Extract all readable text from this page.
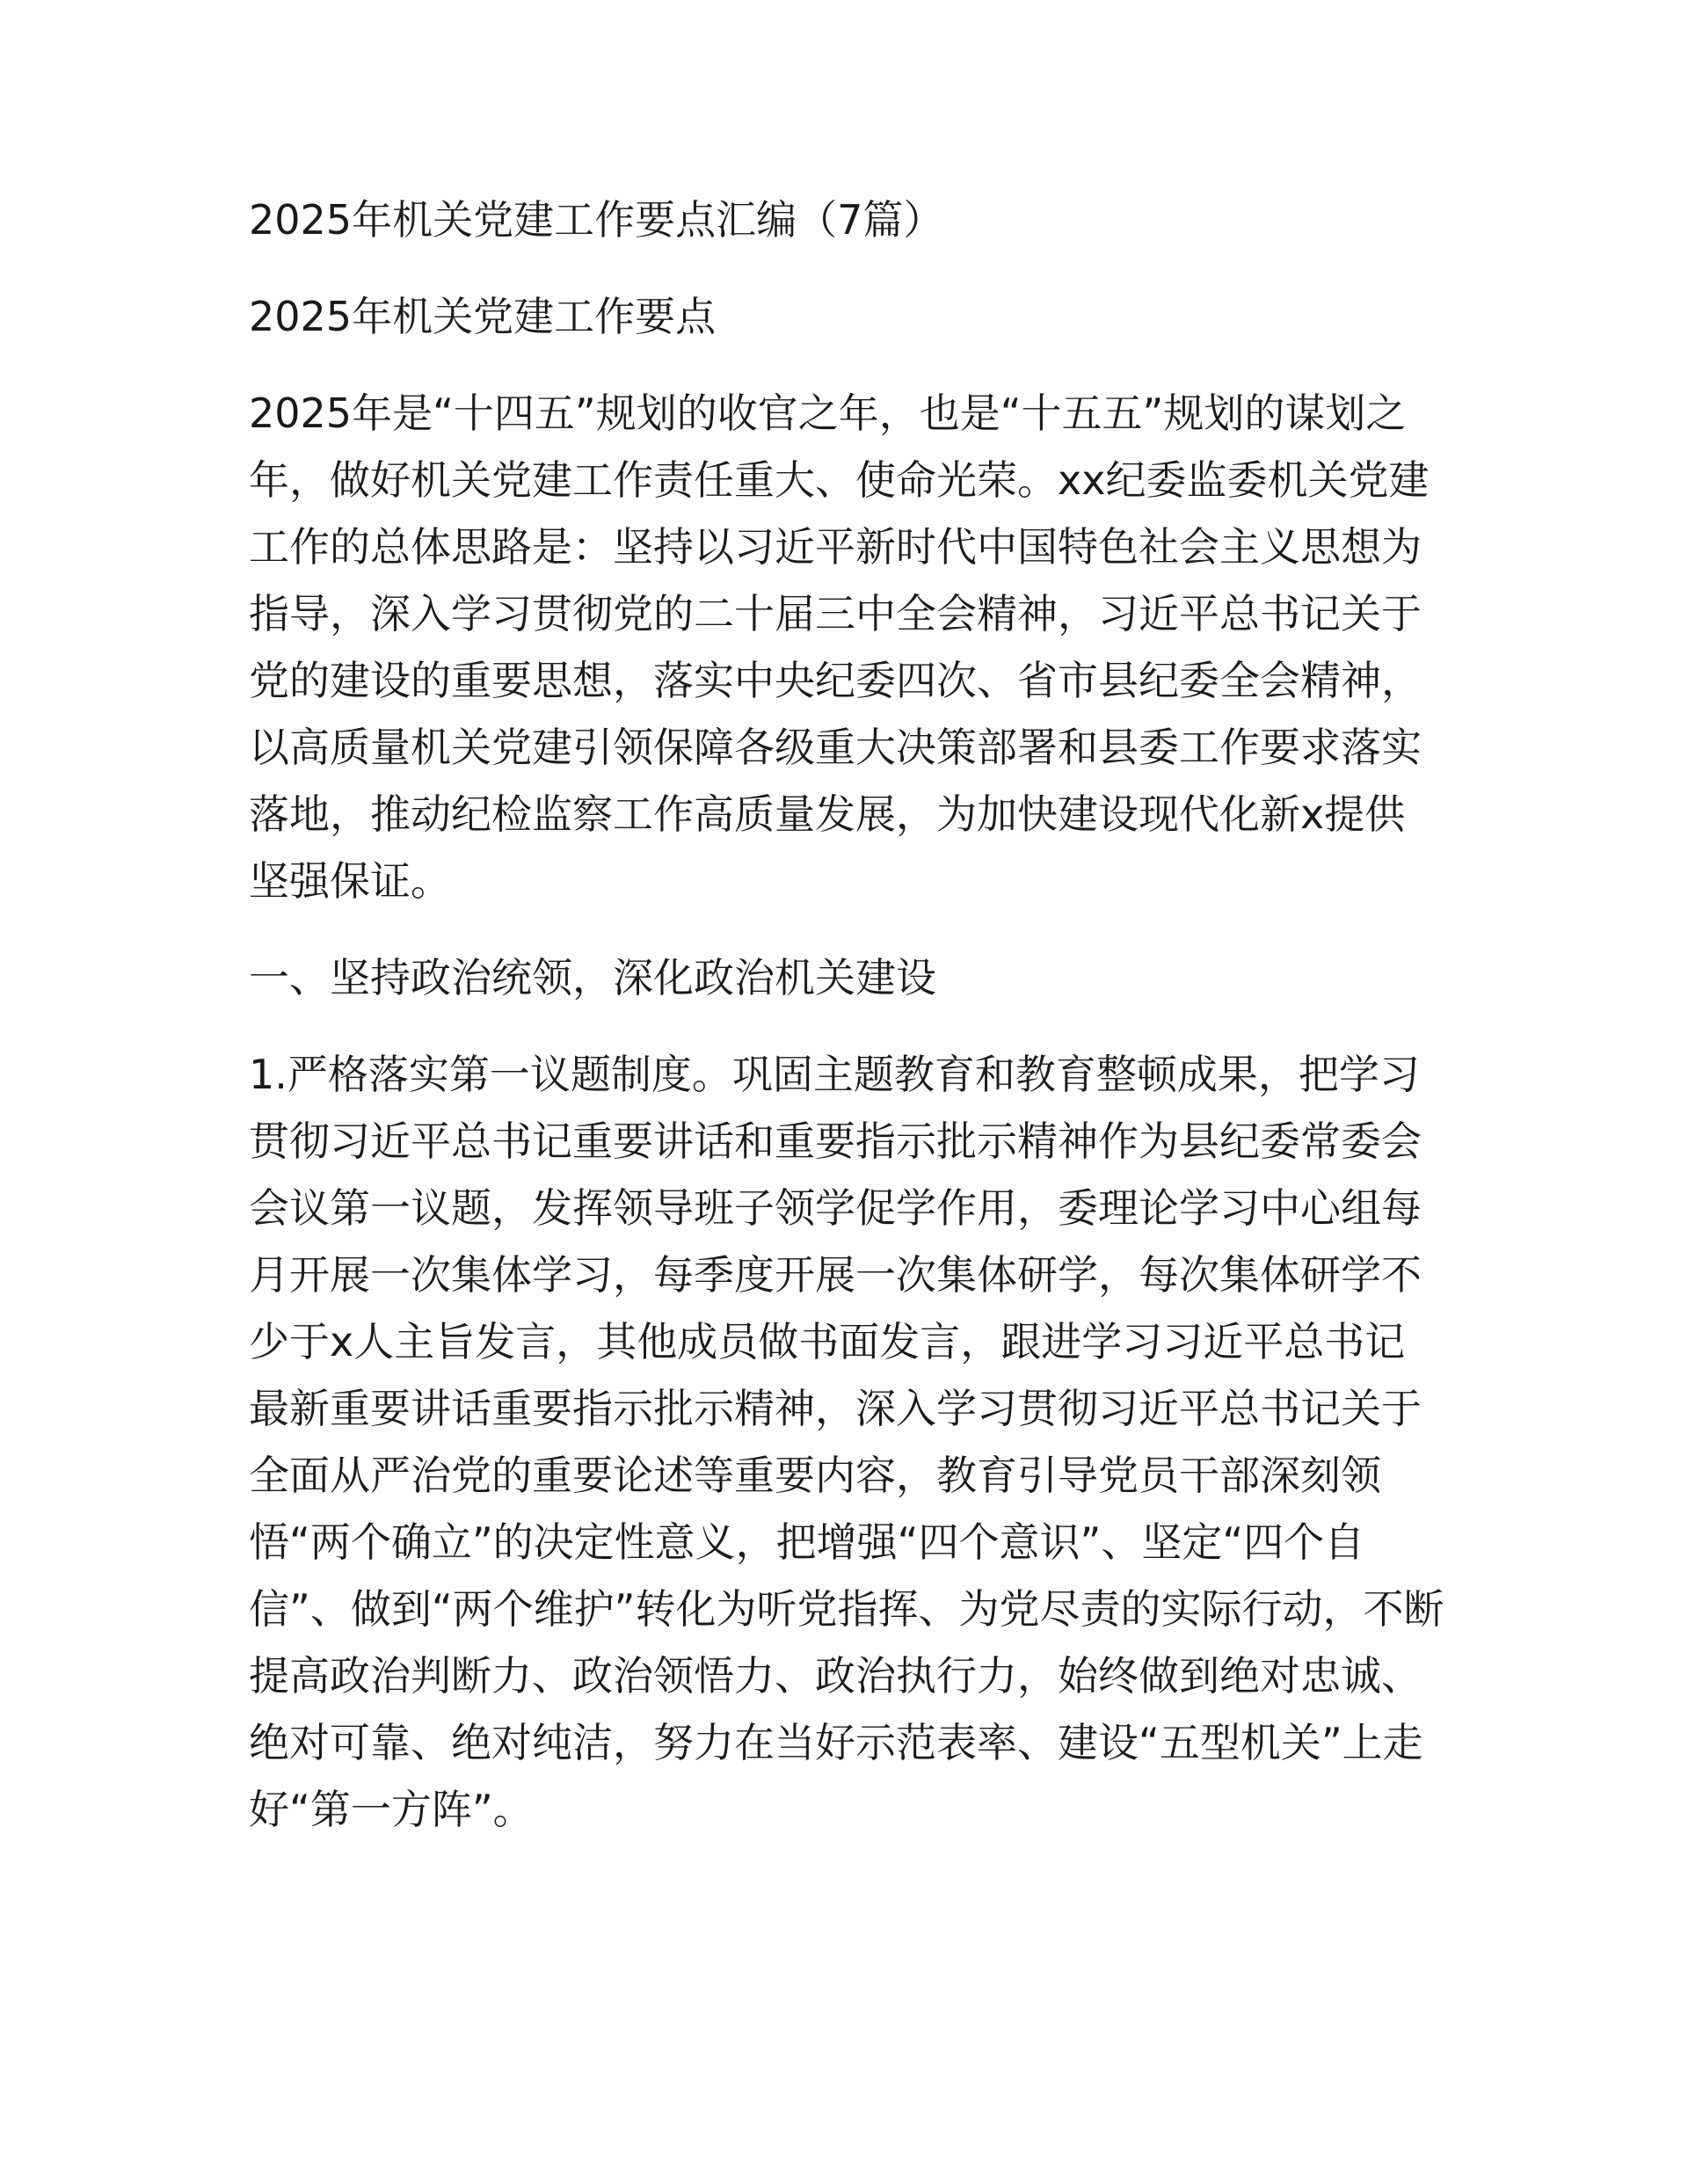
2025年机关党建工作要点汇编（7篇）

2025年机关党建工作要点

2025年是“十四五”规划的收官之年，也是“十五五”规划的谋划之年，做好机关党建工作责任重大、使命光荣。xx纪委监委机关党建工作的总体思路是：坚持以习近平新时代中国特色社会主义思想为指导，深入学习贯彻党的二十届三中全会精神，习近平总书记关于党的建设的重要思想，落实中央纪委四次、省市县纪委全会精神，以高质量机关党建引领保障各级重大决策部署和县委工作要求落实落地，推动纪检监察工作高质量发展，为加快建设现代化新x提供坚强保证。

一、坚持政治统领，深化政治机关建设

1.严格落实第一议题制度。巩固主题教育和教育整顿成果，把学习贯彻习近平总书记重要讲话和重要指示批示精神作为县纪委常委会会议第一议题，发挥领导班子领学促学作用，委理论学习中心组每月开展一次集体学习，每季度开展一次集体研学，每次集体研学不少于x人主旨发言，其他成员做书面发言，跟进学习习近平总书记最新重要讲话重要指示批示精神，深入学习贯彻习近平总书记关于全面从严治党的重要论述等重要内容，教育引导党员干部深刻领悟“两个确立”的决定性意义，把增强“四个意识”、坚定“四个自信”、做到“两个维护”转化为听党指挥、为党尽责的实际行动，不断提高政治判断力、政治领悟力、政治执行力，始终做到绝对忠诚、绝对可靠、绝对纯洁，努力在当好示范表率、建设“五型机关”上走好“第一方阵”。
